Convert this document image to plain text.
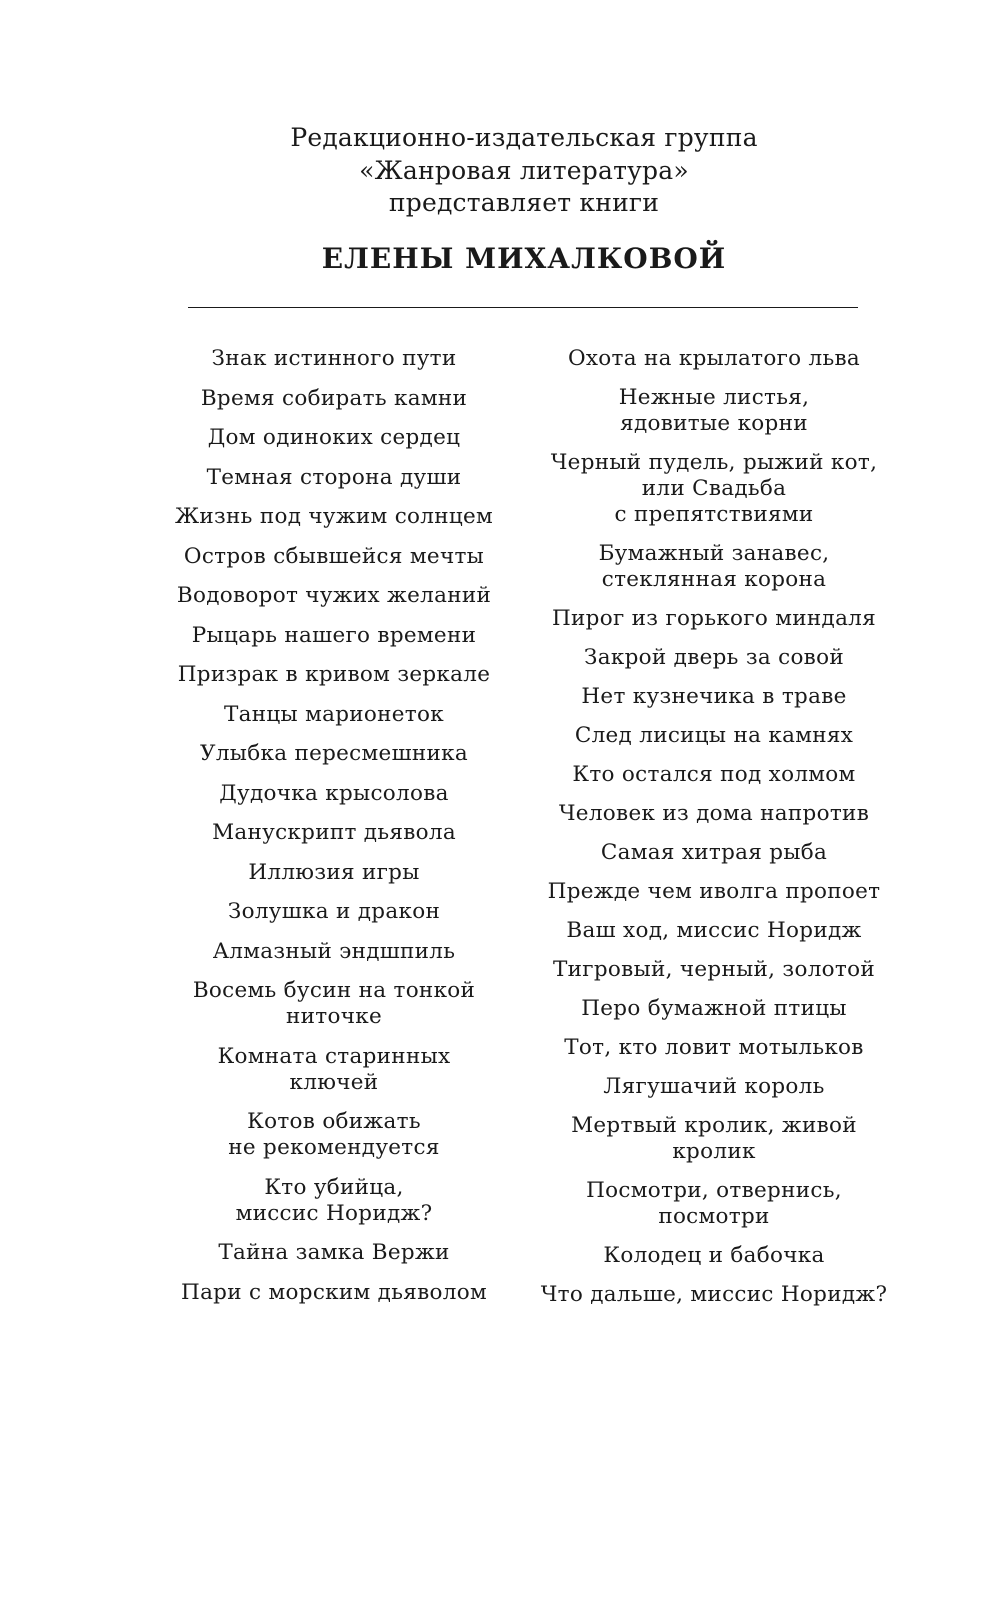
Редакционно-издательская группа
«Жанровая литература»
представляет книги
ЕЛЕНЫ МИХАЛКОВОЙ
Знак истинного пути
Время собирать камни
Дом одиноких сердец
Темная сторона души
Жизнь под чужим солнцем
Остров сбывшейся мечты
Водоворот чужих желаний
Рыцарь нашего времени
Призрак в кривом зеркале
Танцы марионеток
Улыбка пересмешника
Дудочка крысолова
Манускрипт дьявола
Иллюзия игры
Золушка и дракон
Алмазный эндшпиль
Восемь бусин на тонкой
ниточке
Комната старинных
ключей
Котов обижать
не рекомендуется
Кто убийца,
миссис Норидж?
Тайна замка Вержи
Пари с морским дьяволом
Охота на крылатого льва
Нежные листья,
ядовитые корни
Черный пудель, рыжий кот,
или Свадьба
с препятствиями
Бумажный занавес,
стеклянная корона
Пирог из горького миндаля
Закрой дверь за совой
Нет кузнечика в траве
След лисицы на камнях
Кто остался под холмом
Человек из дома напротив
Самая хитрая рыба
Прежде чем иволга пропоет
Ваш ход, миссис Норидж
Тигровый, черный, золотой
Перо бумажной птицы
Тот, кто ловит мотыльков
Лягушачий король
Мертвый кролик, живой
кролик
Посмотри, отвернись,
посмотри
Колодец и бабочка
Что дальше, миссис Норидж?
